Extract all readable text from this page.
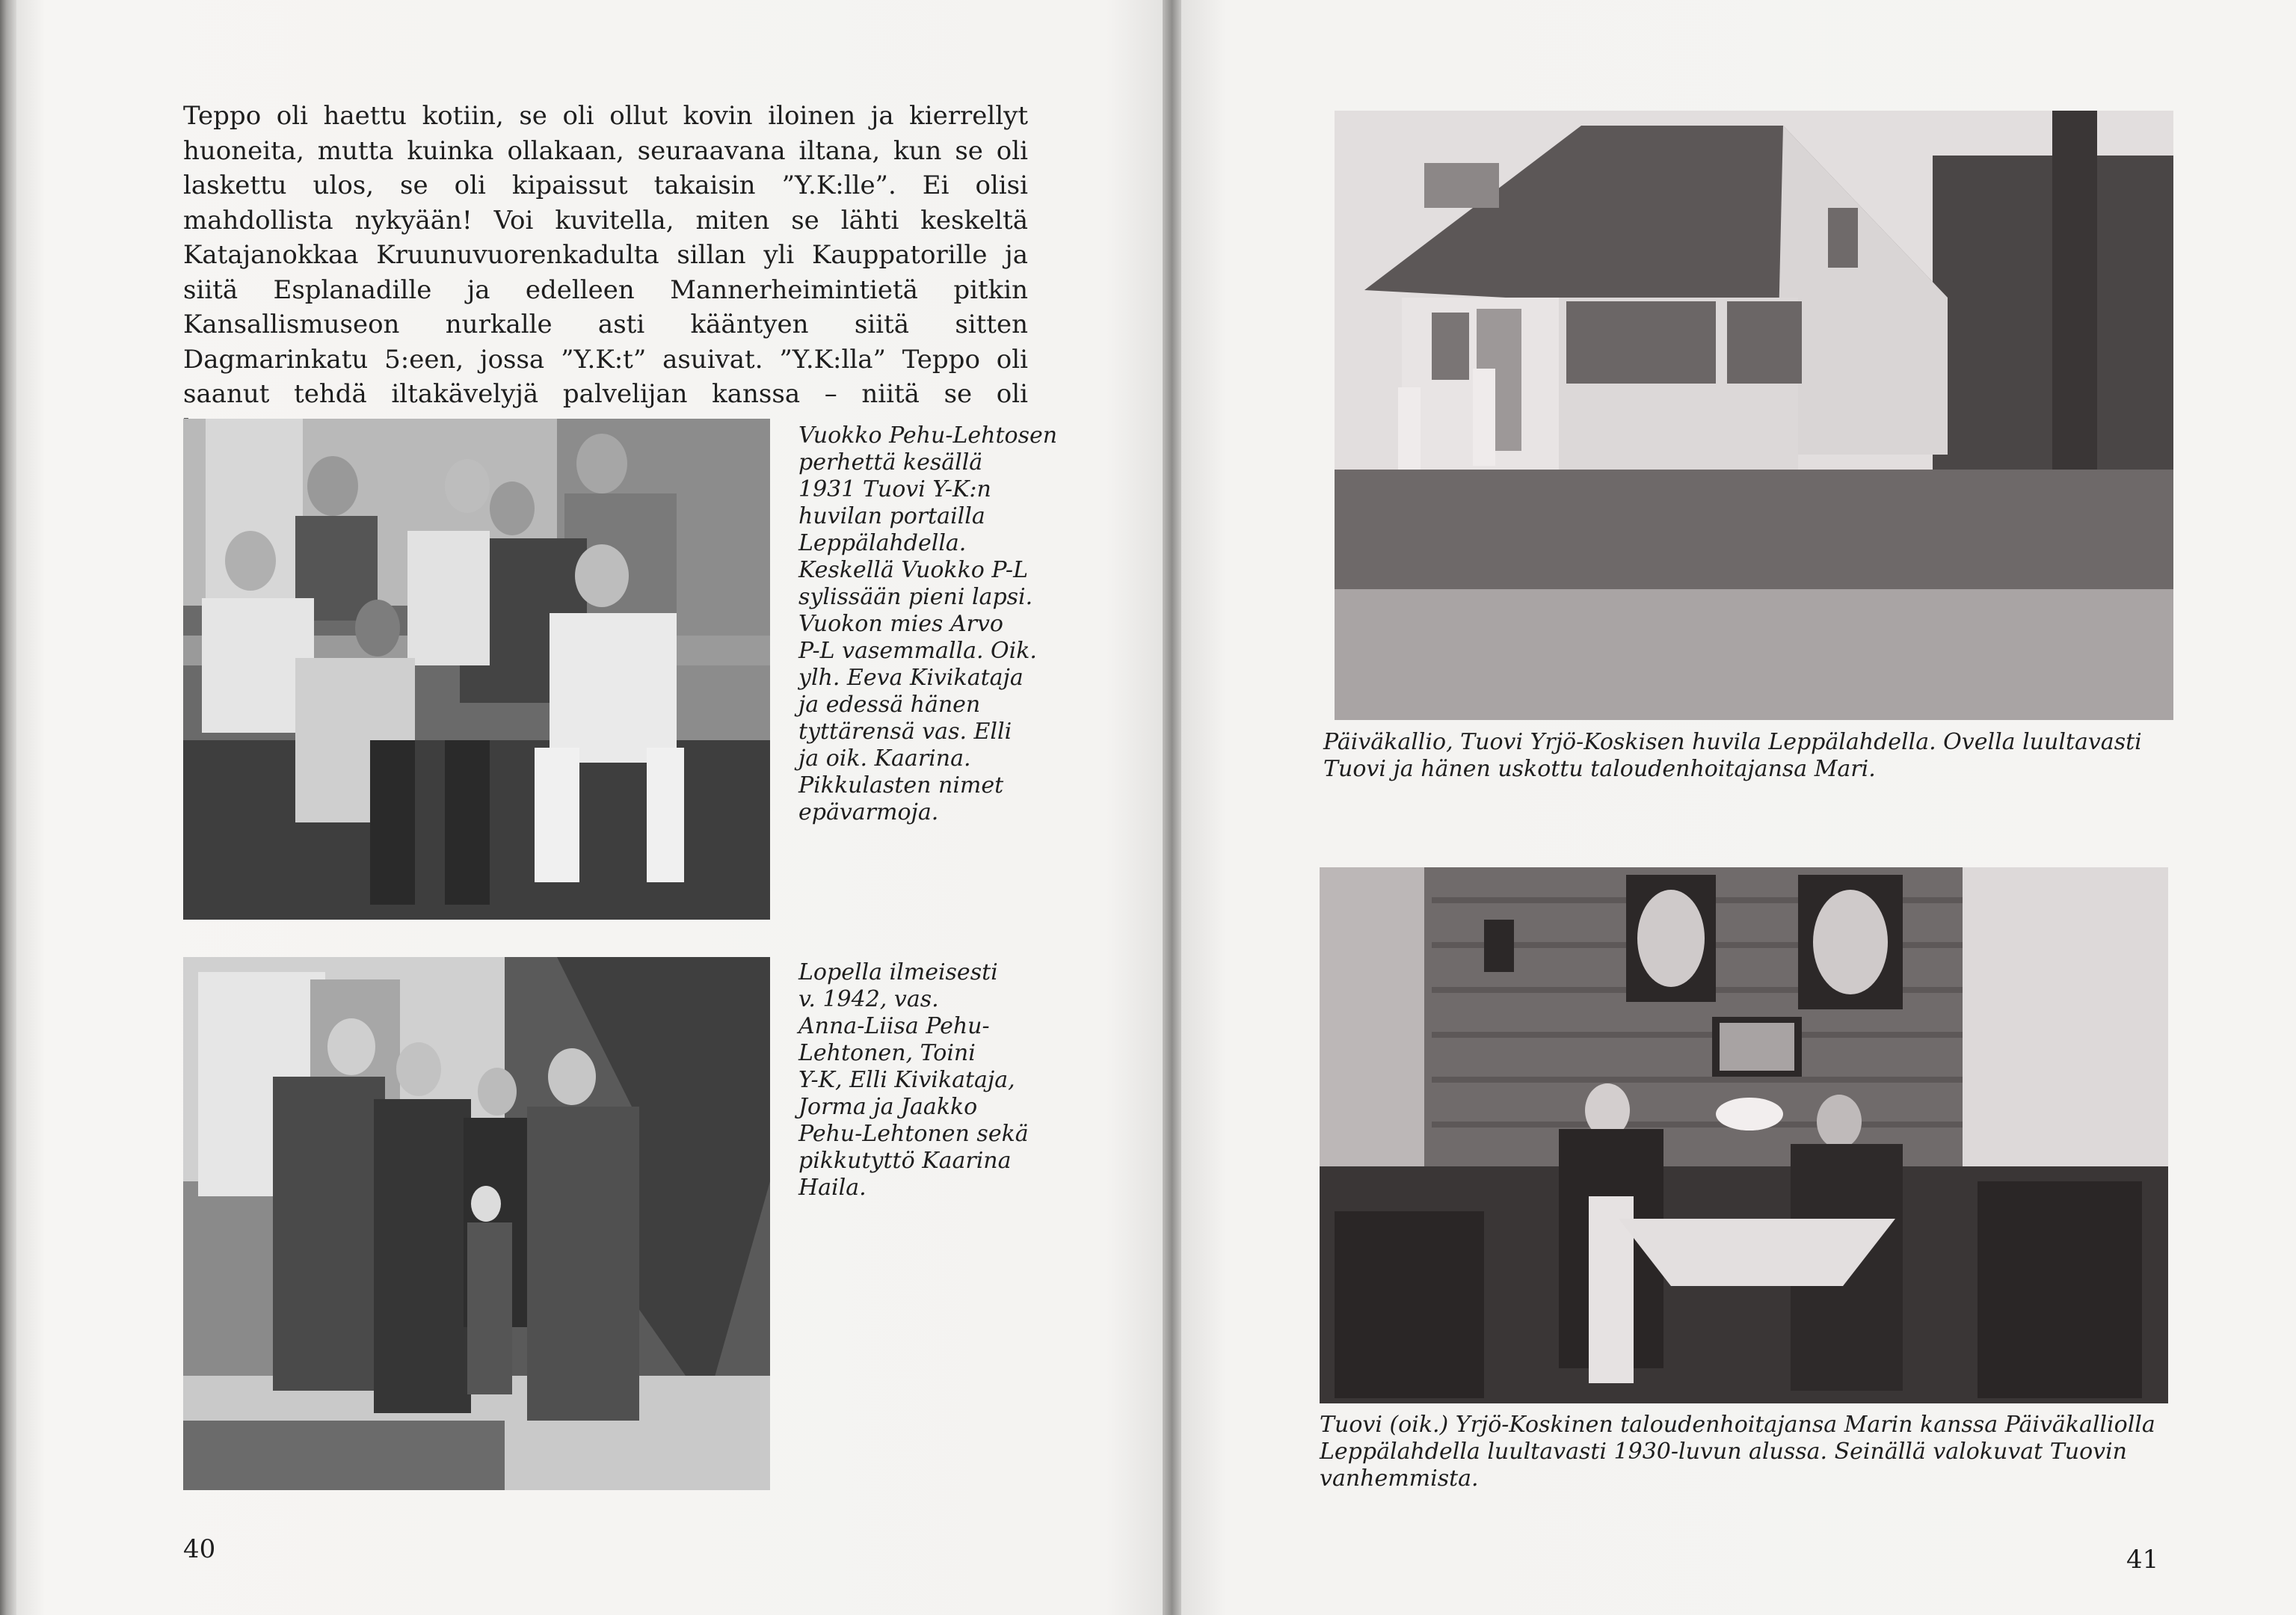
Teppo oli haettu kotiin, se oli ollut kovin iloinen ja kierrellyt huoneita, mutta kuinka ollakaan, seuraavana iltana, kun se oli laskettu ulos, se oli kipaissut takaisin ”Y.K:lle”. Ei olisi mahdollista nykyään! Voi kuvitella, miten se lähti keskeltä Katajanokkaa Kruunuvuorenkadulta sillan yli Kauppatorille ja siitä Esplanadille ja edelleen Mannerheimintietä pitkin Kansallismuseon nurkalle asti kääntyen siitä sitten Dagmarinkatu 5:een, jossa ”Y.K:t” asuivat. ”Y.K:lla” Teppo oli saanut tehdä iltakävelyjä palvelijan kanssa – niitä se oli

Vuokko Pehu-Lehtosen
perhettä kesällä
1931 Tuovi Y-K:n
huvilan portailla
Leppälahdella.
Keskellä Vuokko P-L
sylissään pieni lapsi.
Vuokon mies Arvo
P-L vasemmalla. Oik.
ylh. Eeva Kivikataja
ja edessä hänen
tyttärensä vas. Elli
ja oik. Kaarina.
Pikkulasten nimet
epävarmoja.

Lopella ilmeisesti
v. 1942, vas.
Anna-Liisa Pehu-
Lehtonen, Toini
Y-K, Elli Kivikataja,
Jorma ja Jaakko
Pehu-Lehtonen sekä
pikkutyttö Kaarina
Haila.

40

Päiväkallio, Tuovi Yrjö-Koskisen huvila Leppälahdella. Ovella luultavasti
Tuovi ja hänen uskottu taloudenhoitajansa Mari.

Tuovi (oik.) Yrjö-Koskinen taloudenhoitajansa Marin kanssa Päiväkalliolla
Leppälahdella luultavasti 1930-luvun alussa. Seinällä valokuvat Tuovin
vanhemmista.

41
